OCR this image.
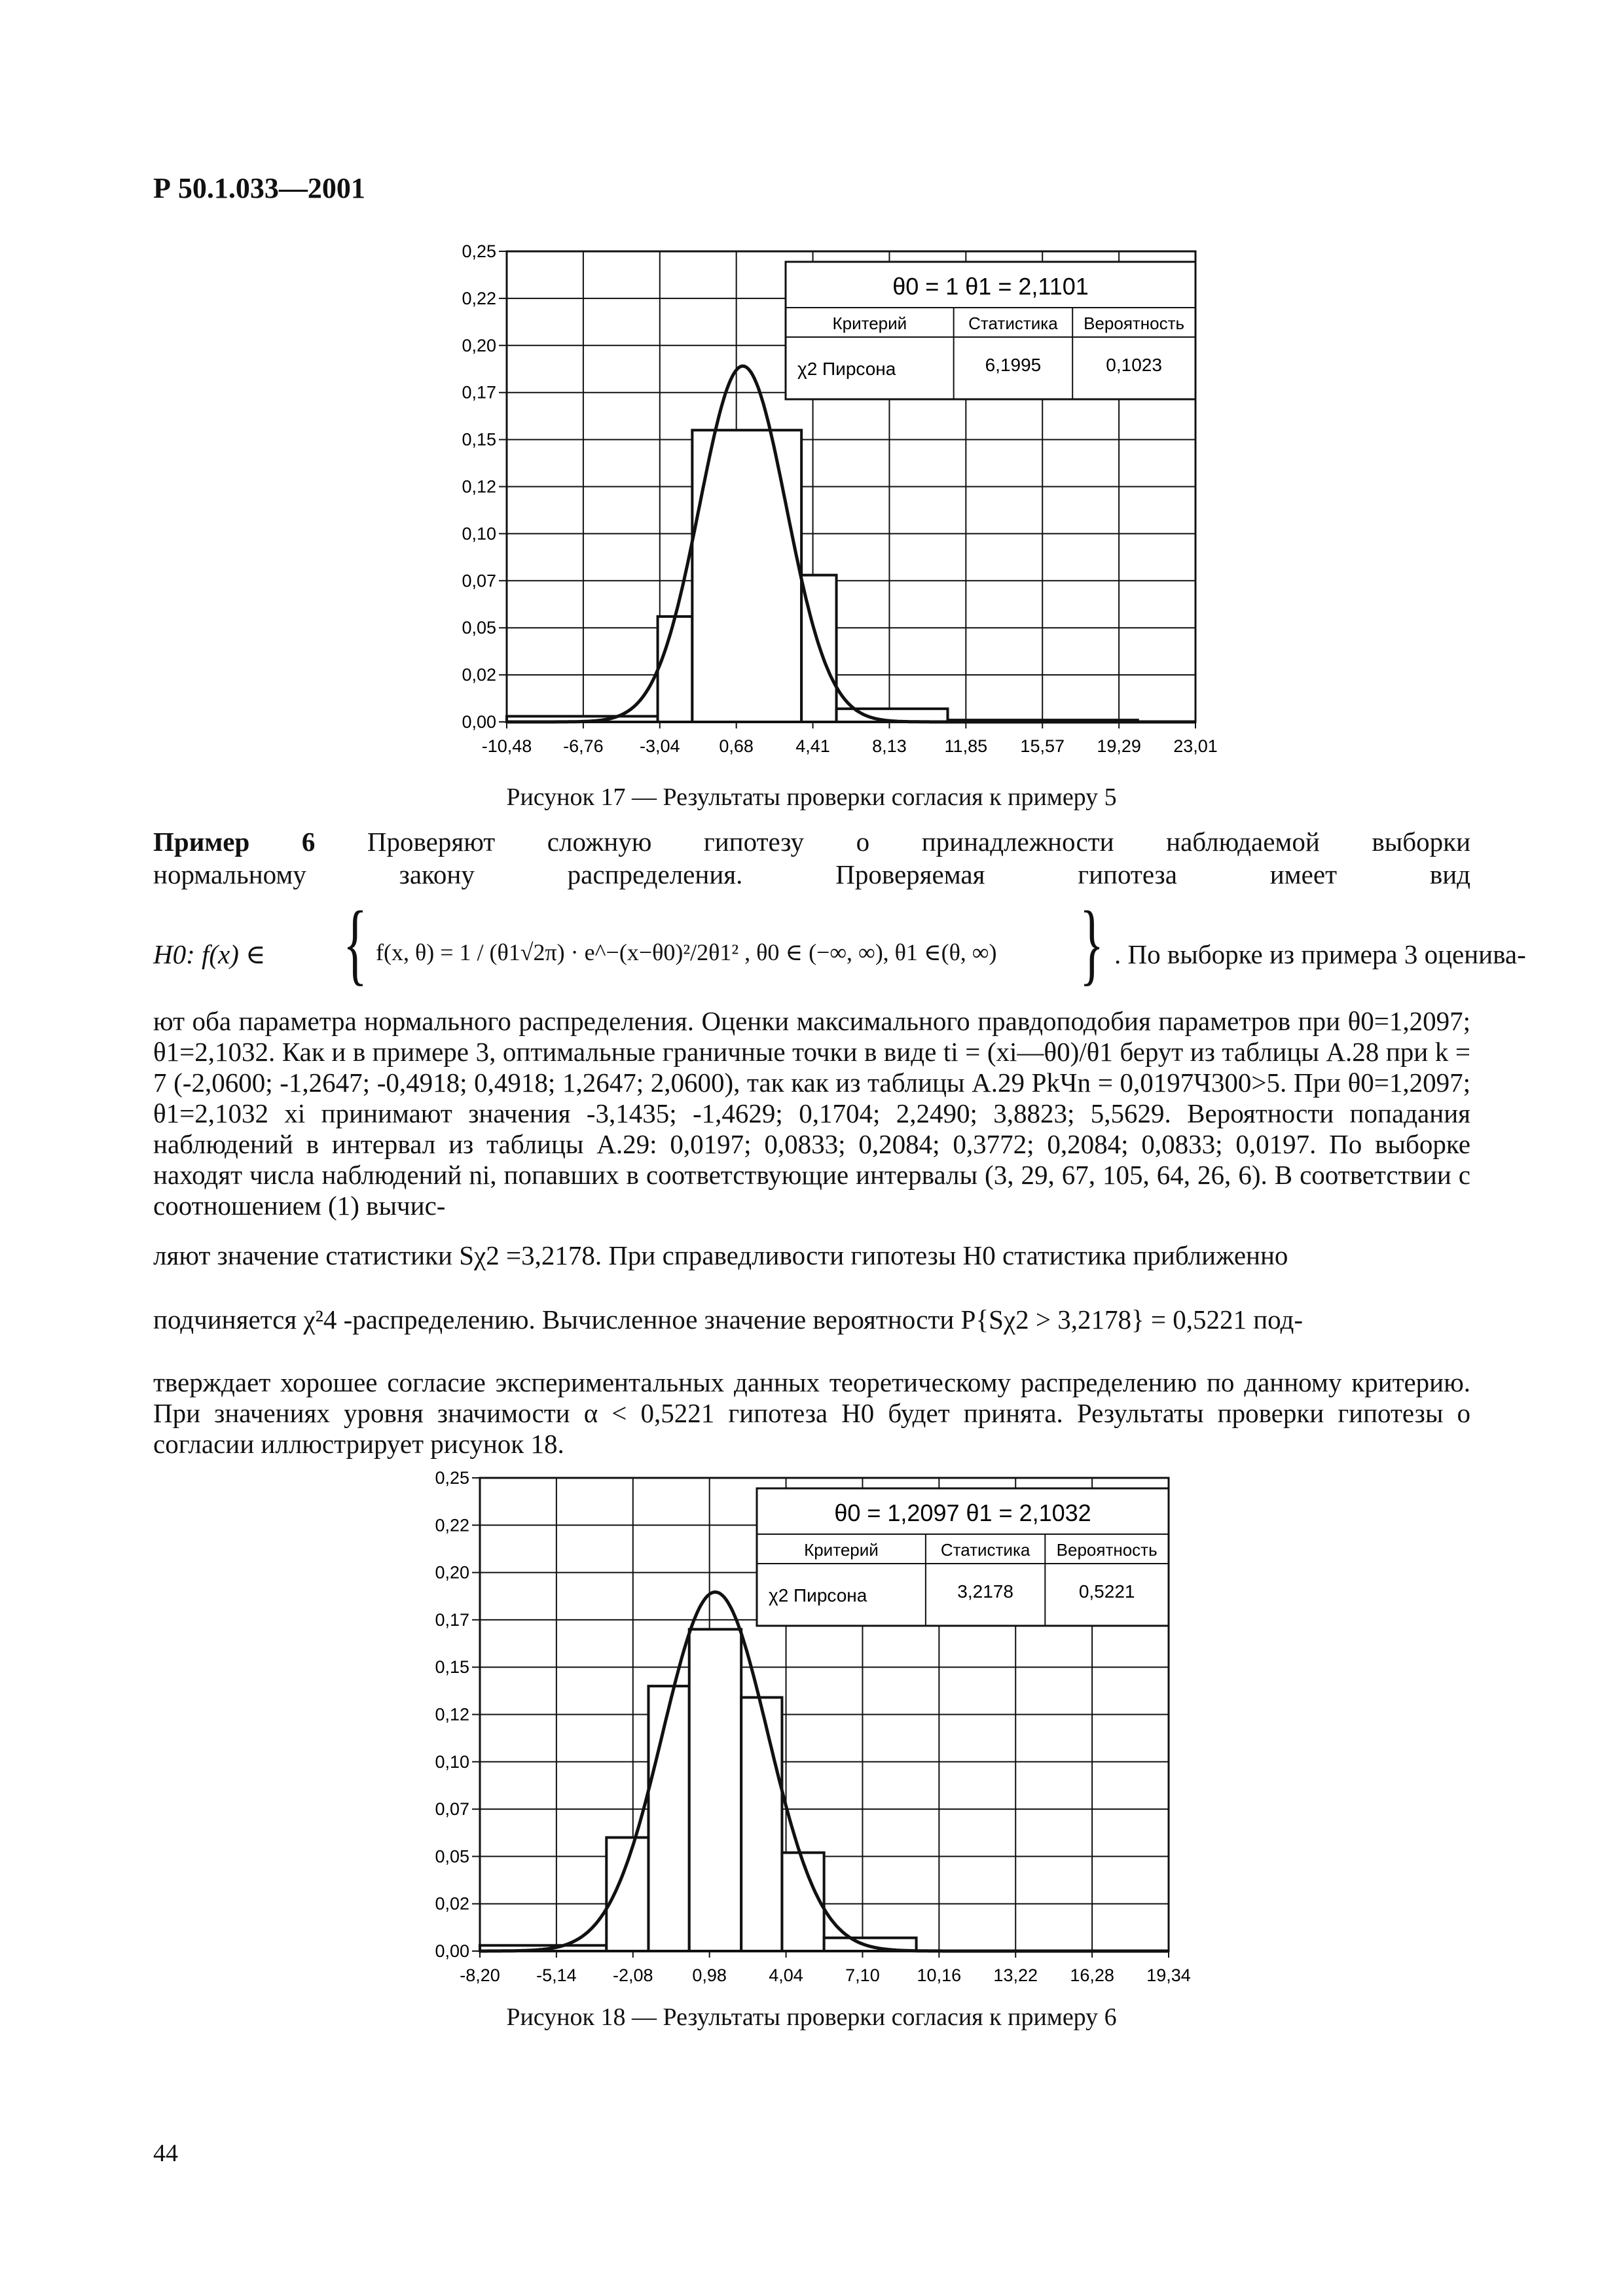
Р 50.1.033—2001
-10,48 -6,76 -3,04 0,68 4,41 8,13 11,85 15,57 19,29 23,01
0,00
0,02
0,05
0,07
0,10
0,12
0,15
0,17
0,20
0,22
0,25
θ0 = 1 θ1 = 2,1101
Критерий	Статистика Вероятность
χ2 Пирсона	6,1995	0,1023
Рисунок 17 — Результаты проверки согласия к примеру 5
Пример 6 Проверяют сложную гипотезу о принадлежности наблюдаемой выборки
нормальному закону распределения. Проверяемая гипотеза имеет вид
H0: f(x) ∈ { f(x, θ) = 1 / (θ1√2π) · e^−(x−θ0)²/2θ1² , θ0 ∈ (−∞, ∞), θ1 ∈(θ, ∞) } . По выборке из примера 3 оценива-

ют оба параметра нормального распределения. Оценки максимального правдоподобия параметров при θ0=1,2097; θ1=2,1032. Как и в примере 3, оптимальные граничные точки в виде ti = (xi—θ0)/θ1 берут из таблицы А.28 при k = 7 (-2,0600; -1,2647; -0,4918; 0,4918; 1,2647; 2,0600), так как из таблицы А.29 PkЧn = 0,0197Ч300>5. При θ0=1,2097; θ1=2,1032 xi принимают значения -3,1435; -1,4629; 0,1704; 2,2490; 3,8823; 5,5629. Вероятности попадания наблюдений в интервал из таблицы А.29: 0,0197; 0,0833; 0,2084; 0,3772; 0,2084; 0,0833; 0,0197. По выборке находят числа наблюдений ni, попавших в соответствующие интервалы (3, 29, 67, 105, 64, 26, 6). В соответствии с соотношением (1) вычис-

ляют значение статистики Sχ2 =3,2178. При справедливости гипотезы H0 статистика приближенно
подчиняется χ²4 -распределению. Вычисленное значение вероятности P{Sχ2 > 3,2178} = 0,5221 под-

тверждает хорошее согласие экспериментальных данных теоретическому распределению по данному критерию. При значениях уровня значимости α < 0,5221 гипотеза H0 будет принята. Результаты проверки гипотезы о согласии иллюстрирует рисунок 18.

-8,20 -5,14 -2,08 0,98 4,04 7,10 10,16 13,22 16,28 19,34
0,00
0,02
0,05
0,07
0,10
0,12
0,15
0,17
0,20
0,22
0,25
θ0 = 1,2097 θ1 = 2,1032
Критерий	Статистика Вероятность
χ2 Пирсона	3,2178	0,5221
Рисунок 18 — Результаты проверки согласия к примеру 6
44
